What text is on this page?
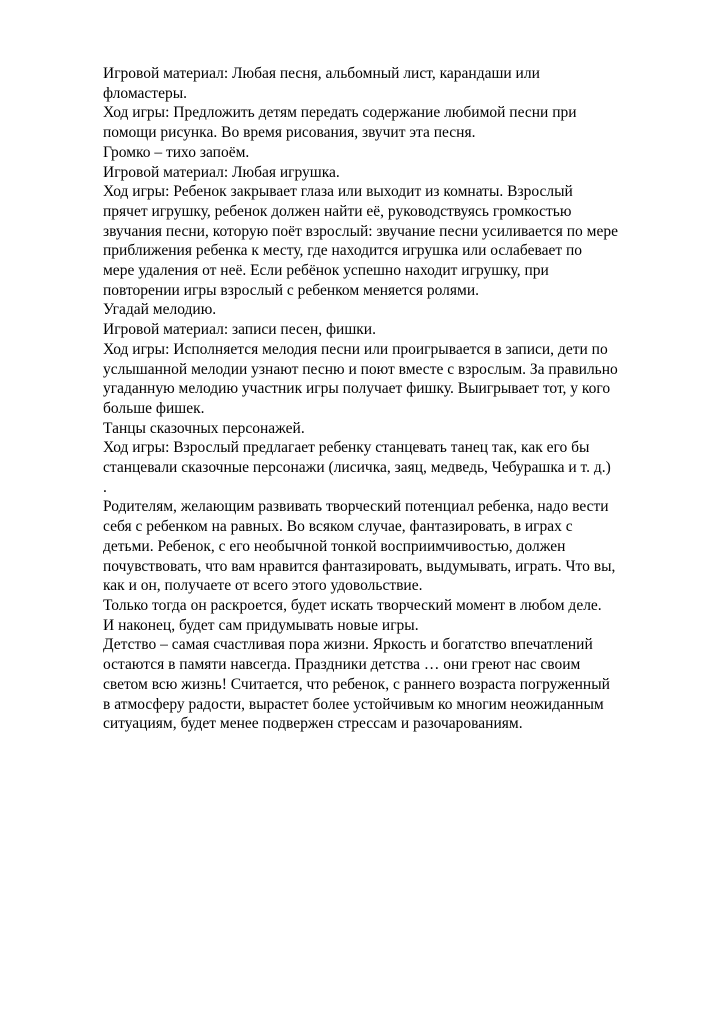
Игровой материал: Любая песня, альбомный лист, карандаши или
фломастеры.
Ход игры: Предложить детям передать содержание любимой песни при
помощи рисунка. Во время рисования, звучит эта песня.
Громко – тихо запоём.
Игровой материал: Любая игрушка.
Ход игры: Ребенок закрывает глаза или выходит из комнаты. Взрослый
прячет игрушку, ребенок должен найти её, руководствуясь громкостью
звучания песни, которую поёт взрослый: звучание песни усиливается по мере
приближения ребенка к месту, где находится игрушка или ослабевает по
мере удаления от неё. Если ребёнок успешно находит игрушку, при
повторении игры взрослый с ребенком меняется ролями.
Угадай мелодию.
Игровой материал: записи песен, фишки.
Ход игры: Исполняется мелодия песни или проигрывается в записи, дети по
услышанной мелодии узнают песню и поют вместе с взрослым. За правильно
угаданную мелодию участник игры получает фишку. Выигрывает тот, у кого
больше фишек.
Танцы сказочных персонажей.
Ход игры: Взрослый предлагает ребенку станцевать танец так, как его бы
станцевали сказочные персонажи (лисичка, заяц, медведь, Чебурашка и т. д.)
.
Родителям, желающим развивать творческий потенциал ребенка, надо вести
себя с ребенком на равных. Во всяком случае, фантазировать, в играх с
детьми. Ребенок, с его необычной тонкой восприимчивостью, должен
почувствовать, что вам нравится фантазировать, выдумывать, играть. Что вы,
как и он, получаете от всего этого удовольствие.
Только тогда он раскроется, будет искать творческий момент в любом деле.
И наконец, будет сам придумывать новые игры.
Детство – самая счастливая пора жизни. Яркость и богатство впечатлений
остаются в памяти навсегда. Праздники детства … они греют нас своим
светом всю жизнь! Считается, что ребенок, с раннего возраста погруженный
в атмосферу радости, вырастет более устойчивым ко многим неожиданным
ситуациям, будет менее подвержен стрессам и разочарованиям.
